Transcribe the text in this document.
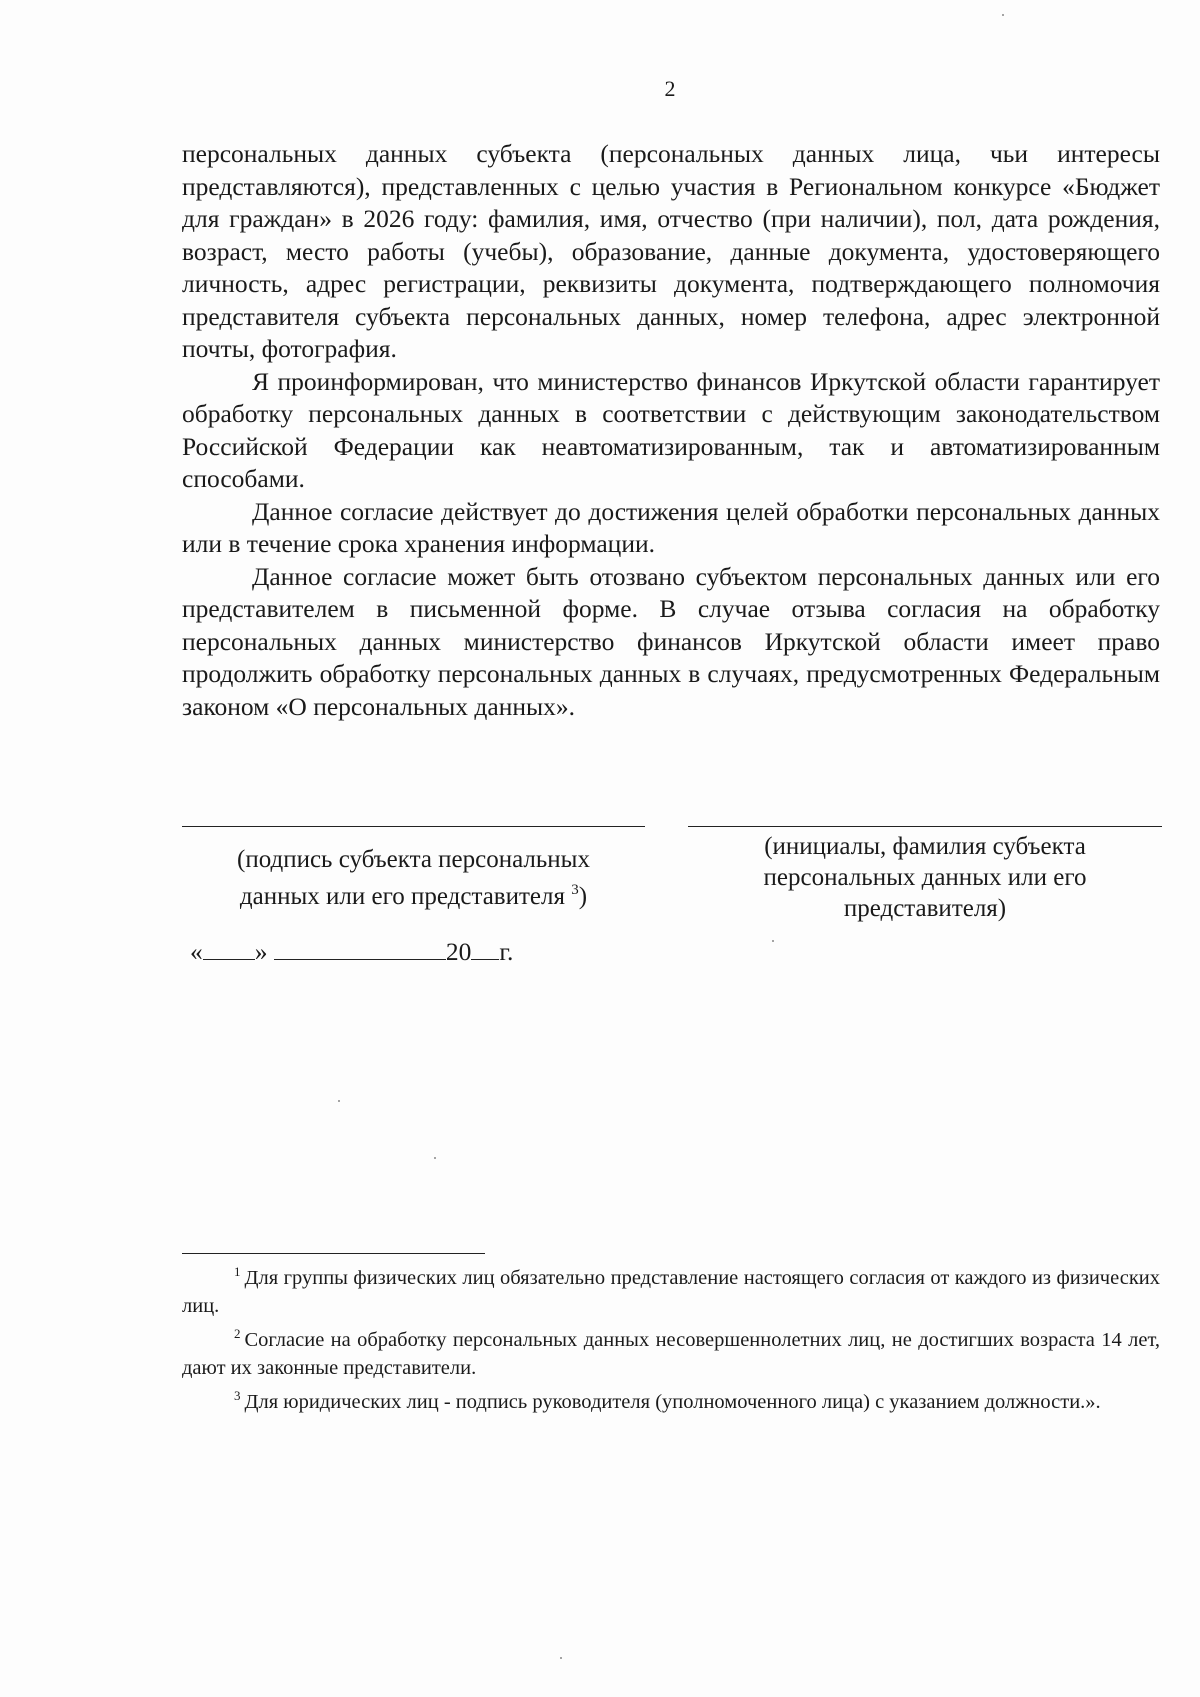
2

персональных данных субъекта (персональных данных лица, чьи интересы представляются), представленных с целью участия в Региональном конкурсе «Бюджет для граждан» в 2026 году: фамилия, имя, отчество (при наличии), пол, дата рождения, возраст, место работы (учебы), образование, данные документа, удостоверяющего личность, адрес регистрации, реквизиты документа, подтверждающего полномочия представителя субъекта персональных данных, номер телефона, адрес электронной почты, фотография.

Я проинформирован, что министерство финансов Иркутской области гарантирует обработку персональных данных в соответствии с действующим законодательством Российской Федерации как неавтоматизированным, так и автоматизированным способами.

Данное согласие действует до достижения целей обработки персональных данных или в течение срока хранения информации.

Данное согласие может быть отозвано субъектом персональных данных или его представителем в письменной форме. В случае отзыва согласия на обработку персональных данных министерство финансов Иркутской области имеет право продолжить обработку персональных данных в случаях, предусмотренных Федеральным законом «О персональных данных».

(подпись субъекта персональных
данных или его представителя $^3$)
(инициалы, фамилия субъекта
персональных данных или его
представителя)
« »	20 г.

$^1$ Для группы физических лиц обязательно представление настоящего согласия от каждого из физических лиц.

$^2$ Согласие на обработку персональных данных несовершеннолетних лиц, не достигших возраста 14 лет, дают их законные представители.

$^3$ Для юридических лиц - подпись руководителя (уполномоченного лица) с указанием должности.».
